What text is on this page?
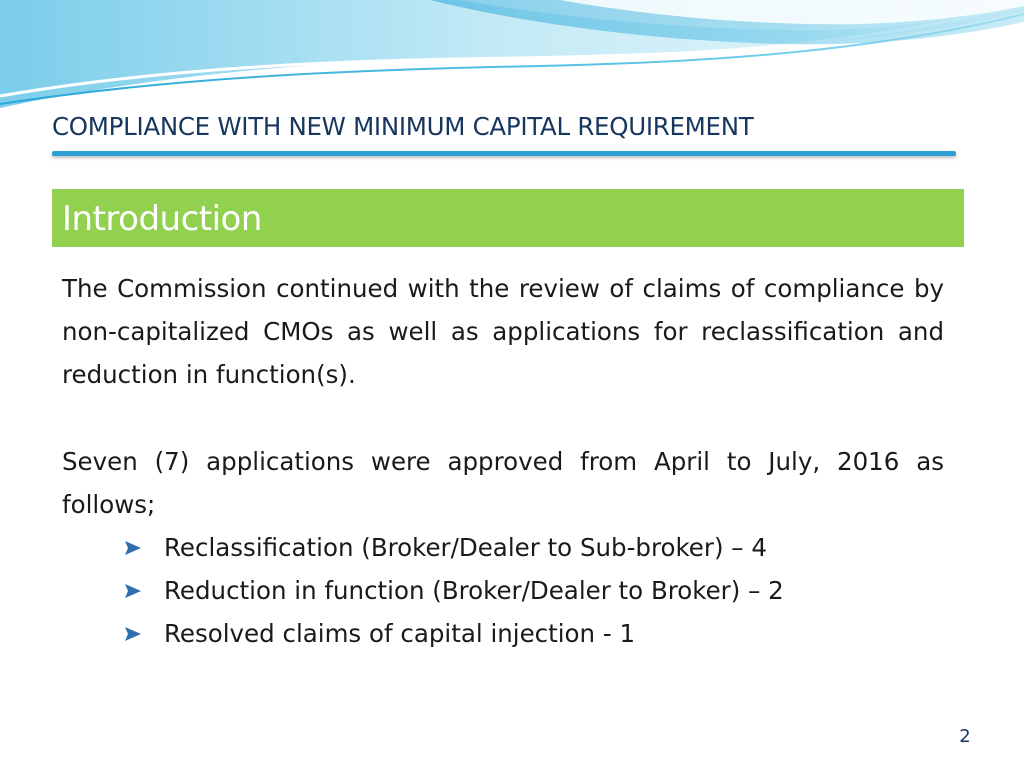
COMPLIANCE WITH NEW MINIMUM CAPITAL REQUIREMENT
Introduction
The Commission continued with the review of claims of compliance by non-capitalized CMOs as well as applications for reclassification and reduction in function(s).
Seven (7) applications were approved from April to July, 2016 as follows;
Reclassification (Broker/Dealer to Sub-broker) – 4
Reduction in function (Broker/Dealer to Broker) – 2
Resolved claims of capital injection - 1
2
